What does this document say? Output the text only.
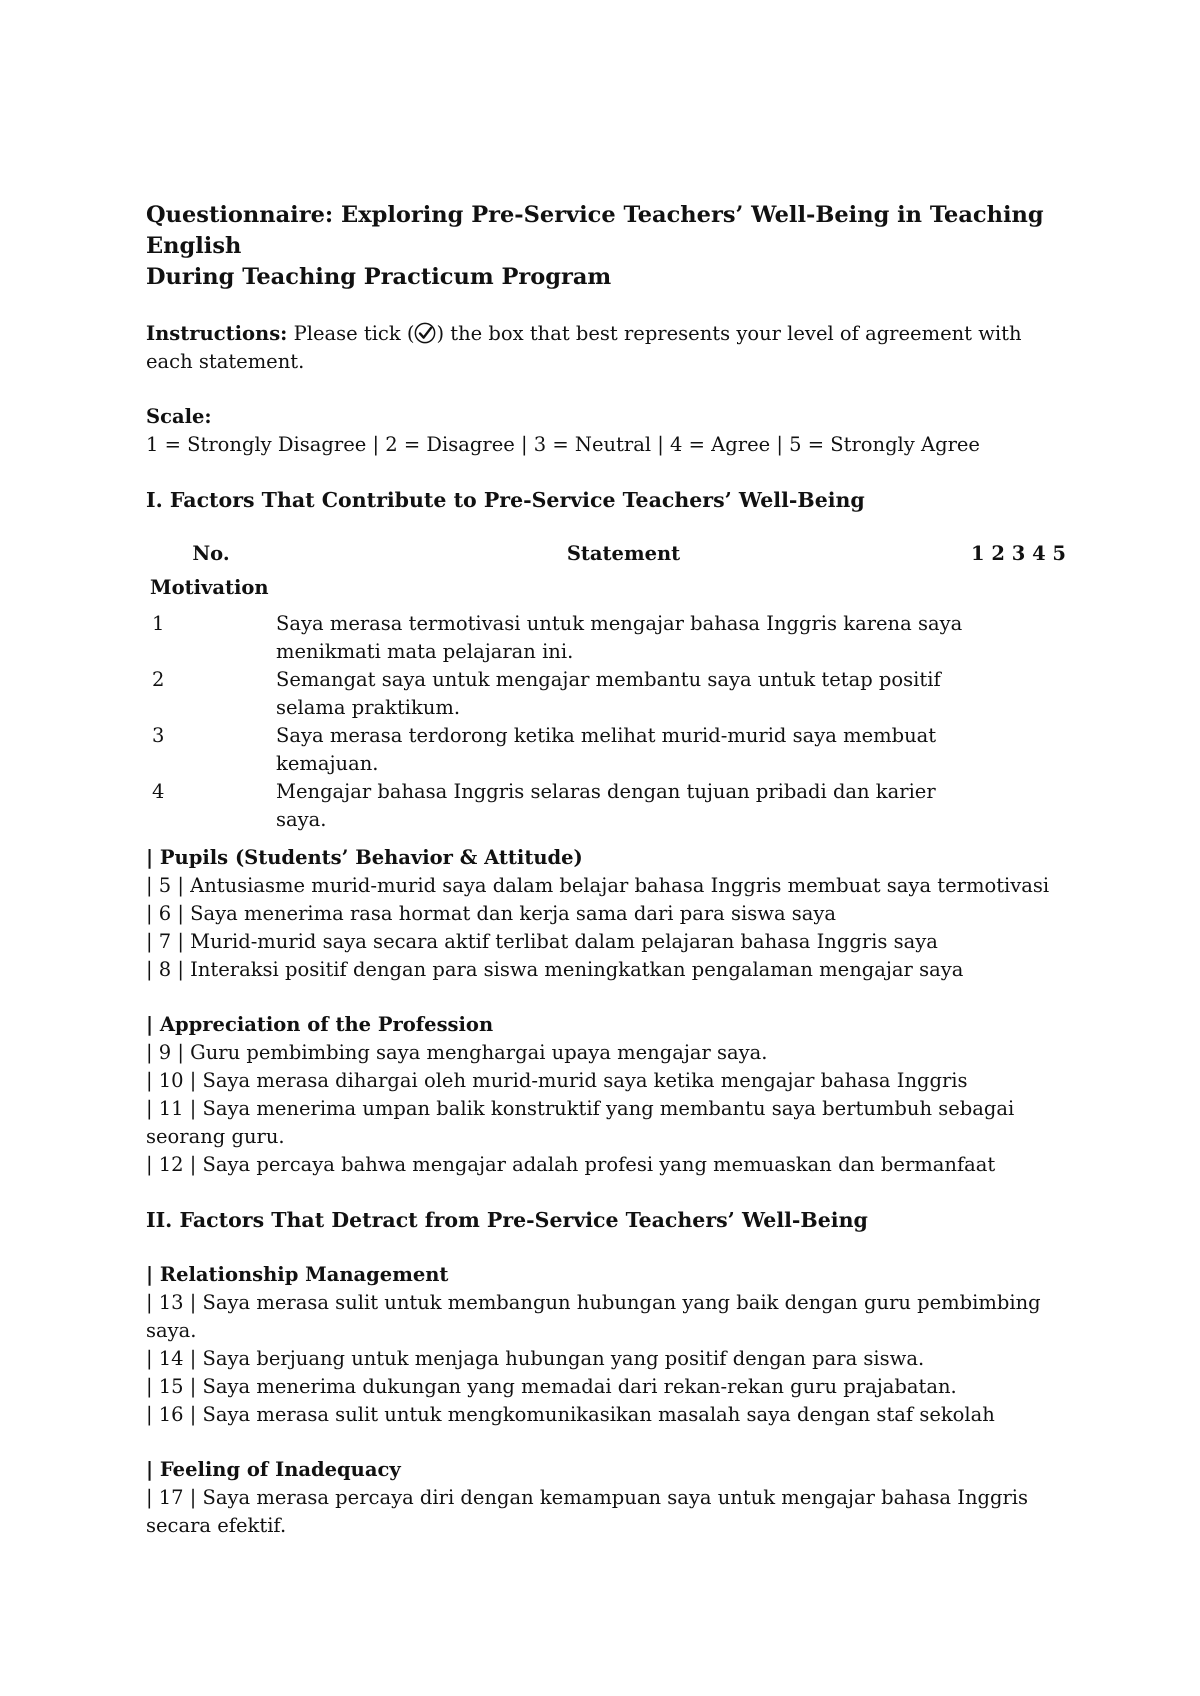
Questionnaire: Exploring Pre-Service Teachers’ Well-Being in Teaching English

During Teaching Practicum Program

Instructions: Please tick ( ) the box that best represents your level of agreement with each statement.

Scale:

1 = Strongly Disagree | 2 = Disagree | 3 = Neutral | 4 = Agree | 5 = Strongly Agree

I. Factors That Contribute to Pre-Service Teachers’ Well-Being

No.	Statement	1 2 3 4 5
Motivation		
1	Saya merasa termotivasi untuk mengajar bahasa Inggris karena saya menikmati mata pelajaran ini.	
2	Semangat saya untuk mengajar membantu saya untuk tetap positif selama praktikum.	
3	Saya merasa terdorong ketika melihat murid-murid saya membuat kemajuan.	
4	Mengajar bahasa Inggris selaras dengan tujuan pribadi dan karier saya.	

| Pupils (Students’ Behavior & Attitude)

| 5 | Antusiasme murid-murid saya dalam belajar bahasa Inggris membuat saya termotivasi

| 6 | Saya menerima rasa hormat dan kerja sama dari para siswa saya

| 7 | Murid-murid saya secara aktif terlibat dalam pelajaran bahasa Inggris saya

| 8 | Interaksi positif dengan para siswa meningkatkan pengalaman mengajar saya

| Appreciation of the Profession

| 9 | Guru pembimbing saya menghargai upaya mengajar saya.

| 10 | Saya merasa dihargai oleh murid-murid saya ketika mengajar bahasa Inggris

| 11 | Saya menerima umpan balik konstruktif yang membantu saya bertumbuh sebagai seorang guru.

| 12 | Saya percaya bahwa mengajar adalah profesi yang memuaskan dan bermanfaat

II. Factors That Detract from Pre-Service Teachers’ Well-Being

| Relationship Management

| 13 | Saya merasa sulit untuk membangun hubungan yang baik dengan guru pembimbing saya.

| 14 | Saya berjuang untuk menjaga hubungan yang positif dengan para siswa.

| 15 | Saya menerima dukungan yang memadai dari rekan-rekan guru prajabatan.

| 16 | Saya merasa sulit untuk mengkomunikasikan masalah saya dengan staf sekolah

| Feeling of Inadequacy

| 17 | Saya merasa percaya diri dengan kemampuan saya untuk mengajar bahasa Inggris secara efektif.
